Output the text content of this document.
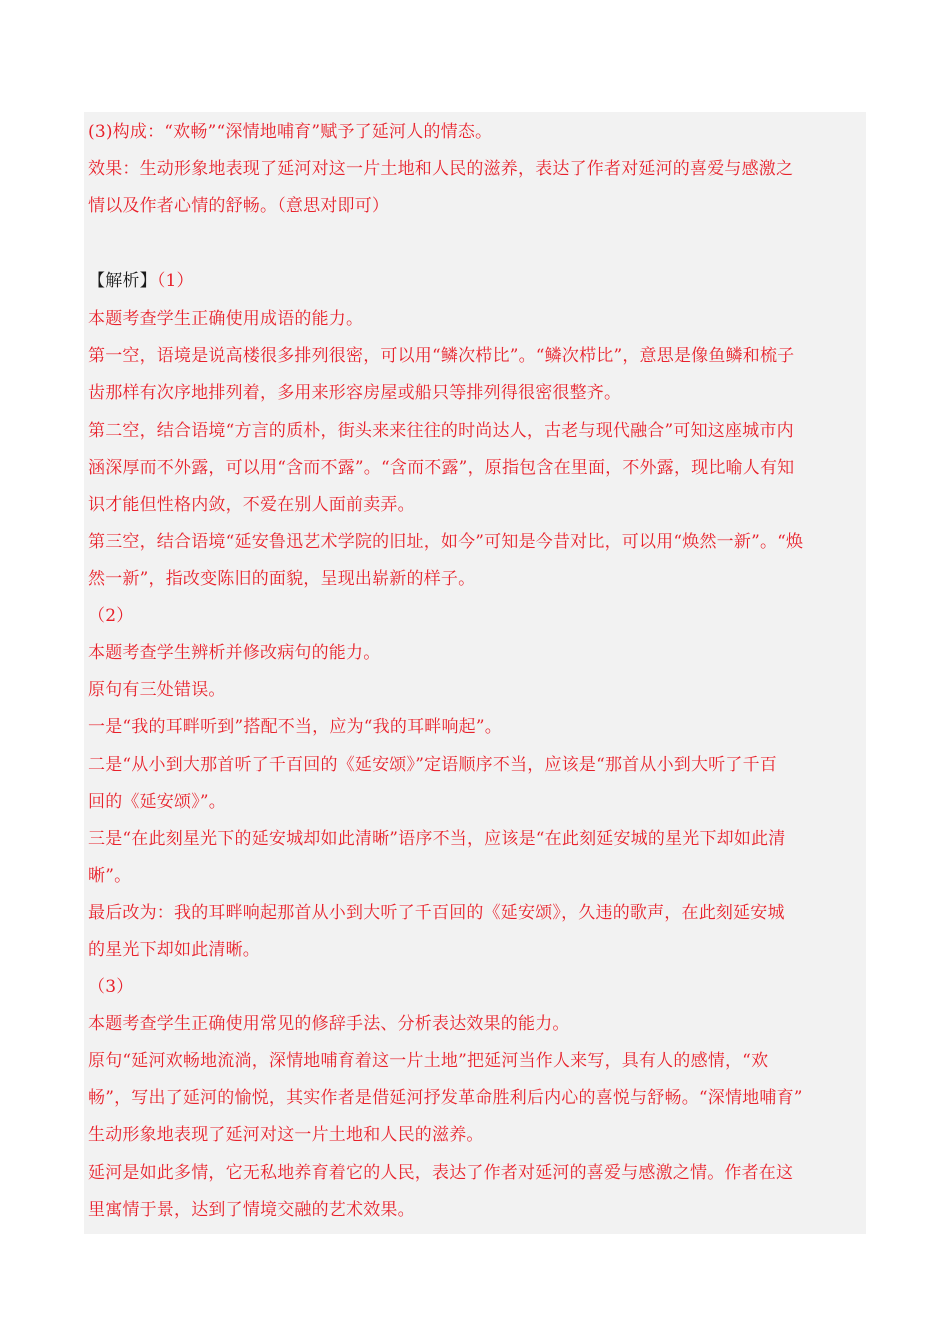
(3)构成：“欢畅”“深情地哺育”赋予了延河人的情态。
效果：生动形象地表现了延河对这一片土地和人民的滋养，表达了作者对延河的喜爱与感激之
情以及作者心情的舒畅。（意思对即可）
【解析】（1）
本题考查学生正确使用成语的能力。
第一空，语境是说高楼很多排列很密，可以用“鳞次栉比”。“鳞次栉比”，意思是像鱼鳞和梳子
齿那样有次序地排列着，多用来形容房屋或船只等排列得很密很整齐。
第二空，结合语境“方言的质朴，街头来来往往的时尚达人，古老与现代融合”可知这座城市内
涵深厚而不外露，可以用“含而不露”。“含而不露”，原指包含在里面，不外露，现比喻人有知
识才能但性格内敛，不爱在别人面前卖弄。
第三空，结合语境“延安鲁迅艺术学院的旧址，如今”可知是今昔对比，可以用“焕然一新”。“焕
然一新”，指改变陈旧的面貌，呈现出崭新的样子。
（2）
本题考查学生辨析并修改病句的能力。
原句有三处错误。
一是“我的耳畔听到”搭配不当，应为“我的耳畔响起”。
二是“从小到大那首听了千百回的《延安颂》”定语顺序不当，应该是“那首从小到大听了千百
回的《延安颂》”。
三是“在此刻星光下的延安城却如此清晰”语序不当，应该是“在此刻延安城的星光下却如此清
晰”。
最后改为：我的耳畔响起那首从小到大听了千百回的《延安颂》，久违的歌声，在此刻延安城
的星光下却如此清晰。
（3）
本题考查学生正确使用常见的修辞手法、分析表达效果的能力。
原句“延河欢畅地流淌，深情地哺育着这一片土地”把延河当作人来写，具有人的感情，“欢
畅”，写出了延河的愉悦，其实作者是借延河抒发革命胜利后内心的喜悦与舒畅。“深情地哺育”
生动形象地表现了延河对这一片土地和人民的滋养。
延河是如此多情，它无私地养育着它的人民，表达了作者对延河的喜爱与感激之情。作者在这
里寓情于景，达到了情境交融的艺术效果。
